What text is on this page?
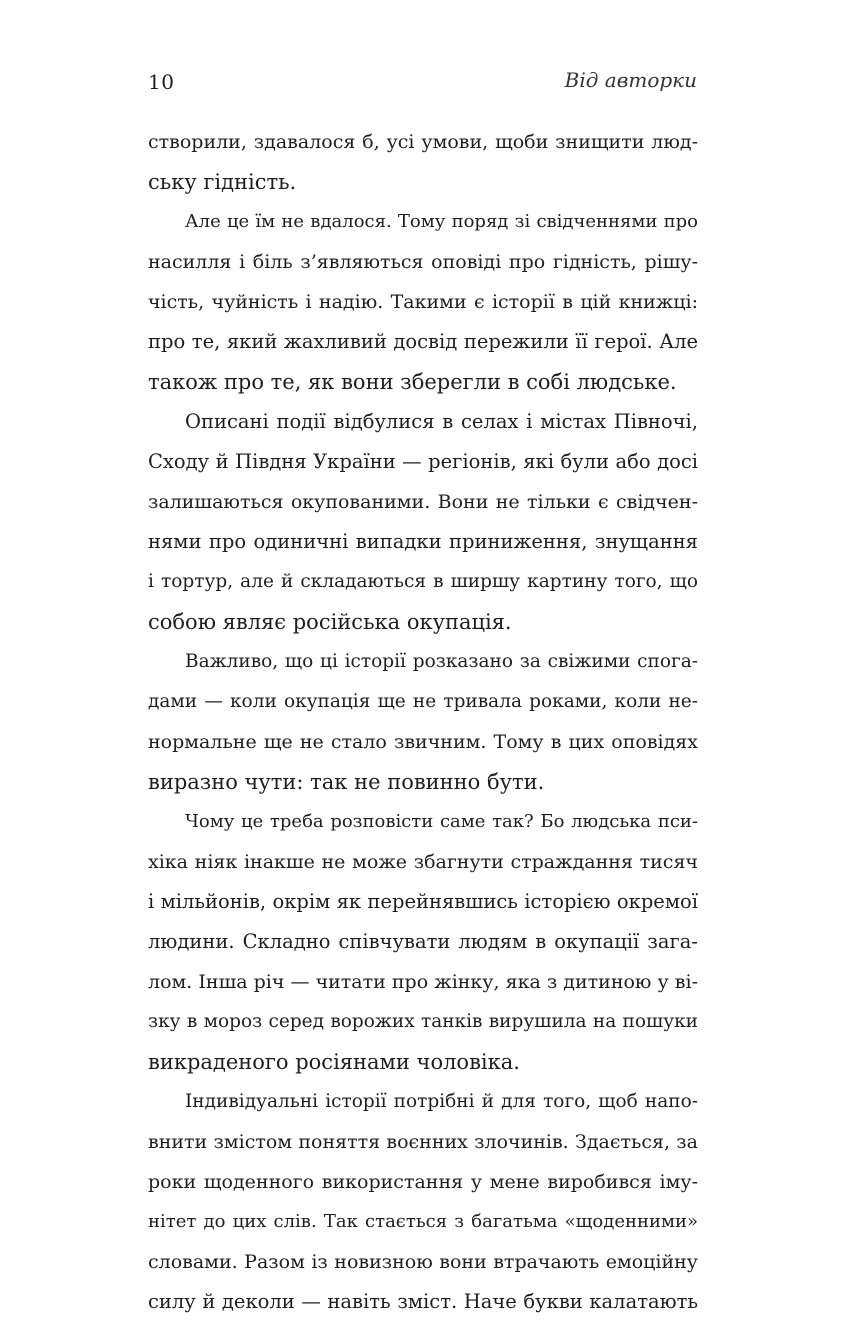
10	Від авторки
створили, здавалося б, усі умови, щоби знищити люд-
ську гідність.
Але це їм не вдалося. Тому поряд зі свідченнями про
насилля і біль з’являються оповіді про гідність, рішу-
чість, чуйність і надію. Такими є історії в цій книжці:
про те, який жахливий досвід пережили її герої. Але
також про те, як вони зберегли в собі людське.
Описані події відбулися в селах і містах Півночі,
Сходу й Півдня України — регіонів, які були або досі
залишаються окупованими. Вони не тільки є свідчен-
нями про одиничні випадки приниження, знущання
і тортур, але й складаються в ширшу картину того, що
собою являє російська окупація.
Важливо, що ці історії розказано за свіжими спога-
дами — коли окупація ще не тривала роками, коли не-
нормальне ще не стало звичним. Тому в цих оповідях
виразно чути: так не повинно бути.
Чому це треба розповісти саме так? Бо людська пси-
хіка ніяк інакше не може збагнути страждання тисяч
і мільйонів, окрім як перейнявшись історією окремої
людини. Складно співчувати людям в окупації зага-
лом. Інша річ — читати про жінку, яка з дитиною у ві-
зку в мороз серед ворожих танків вирушила на пошуки
викраденого росіянами чоловіка.
Індивідуальні історії потрібні й для того, щоб напо-
внити змістом поняття воєнних злочинів. Здається, за
роки щоденного використання у мене виробився іму-
нітет до цих слів. Так стається з багатьма «щоденними»
словами. Разом із новизною вони втрачають емоційну
силу й деколи — навіть зміст. Наче букви калатають
